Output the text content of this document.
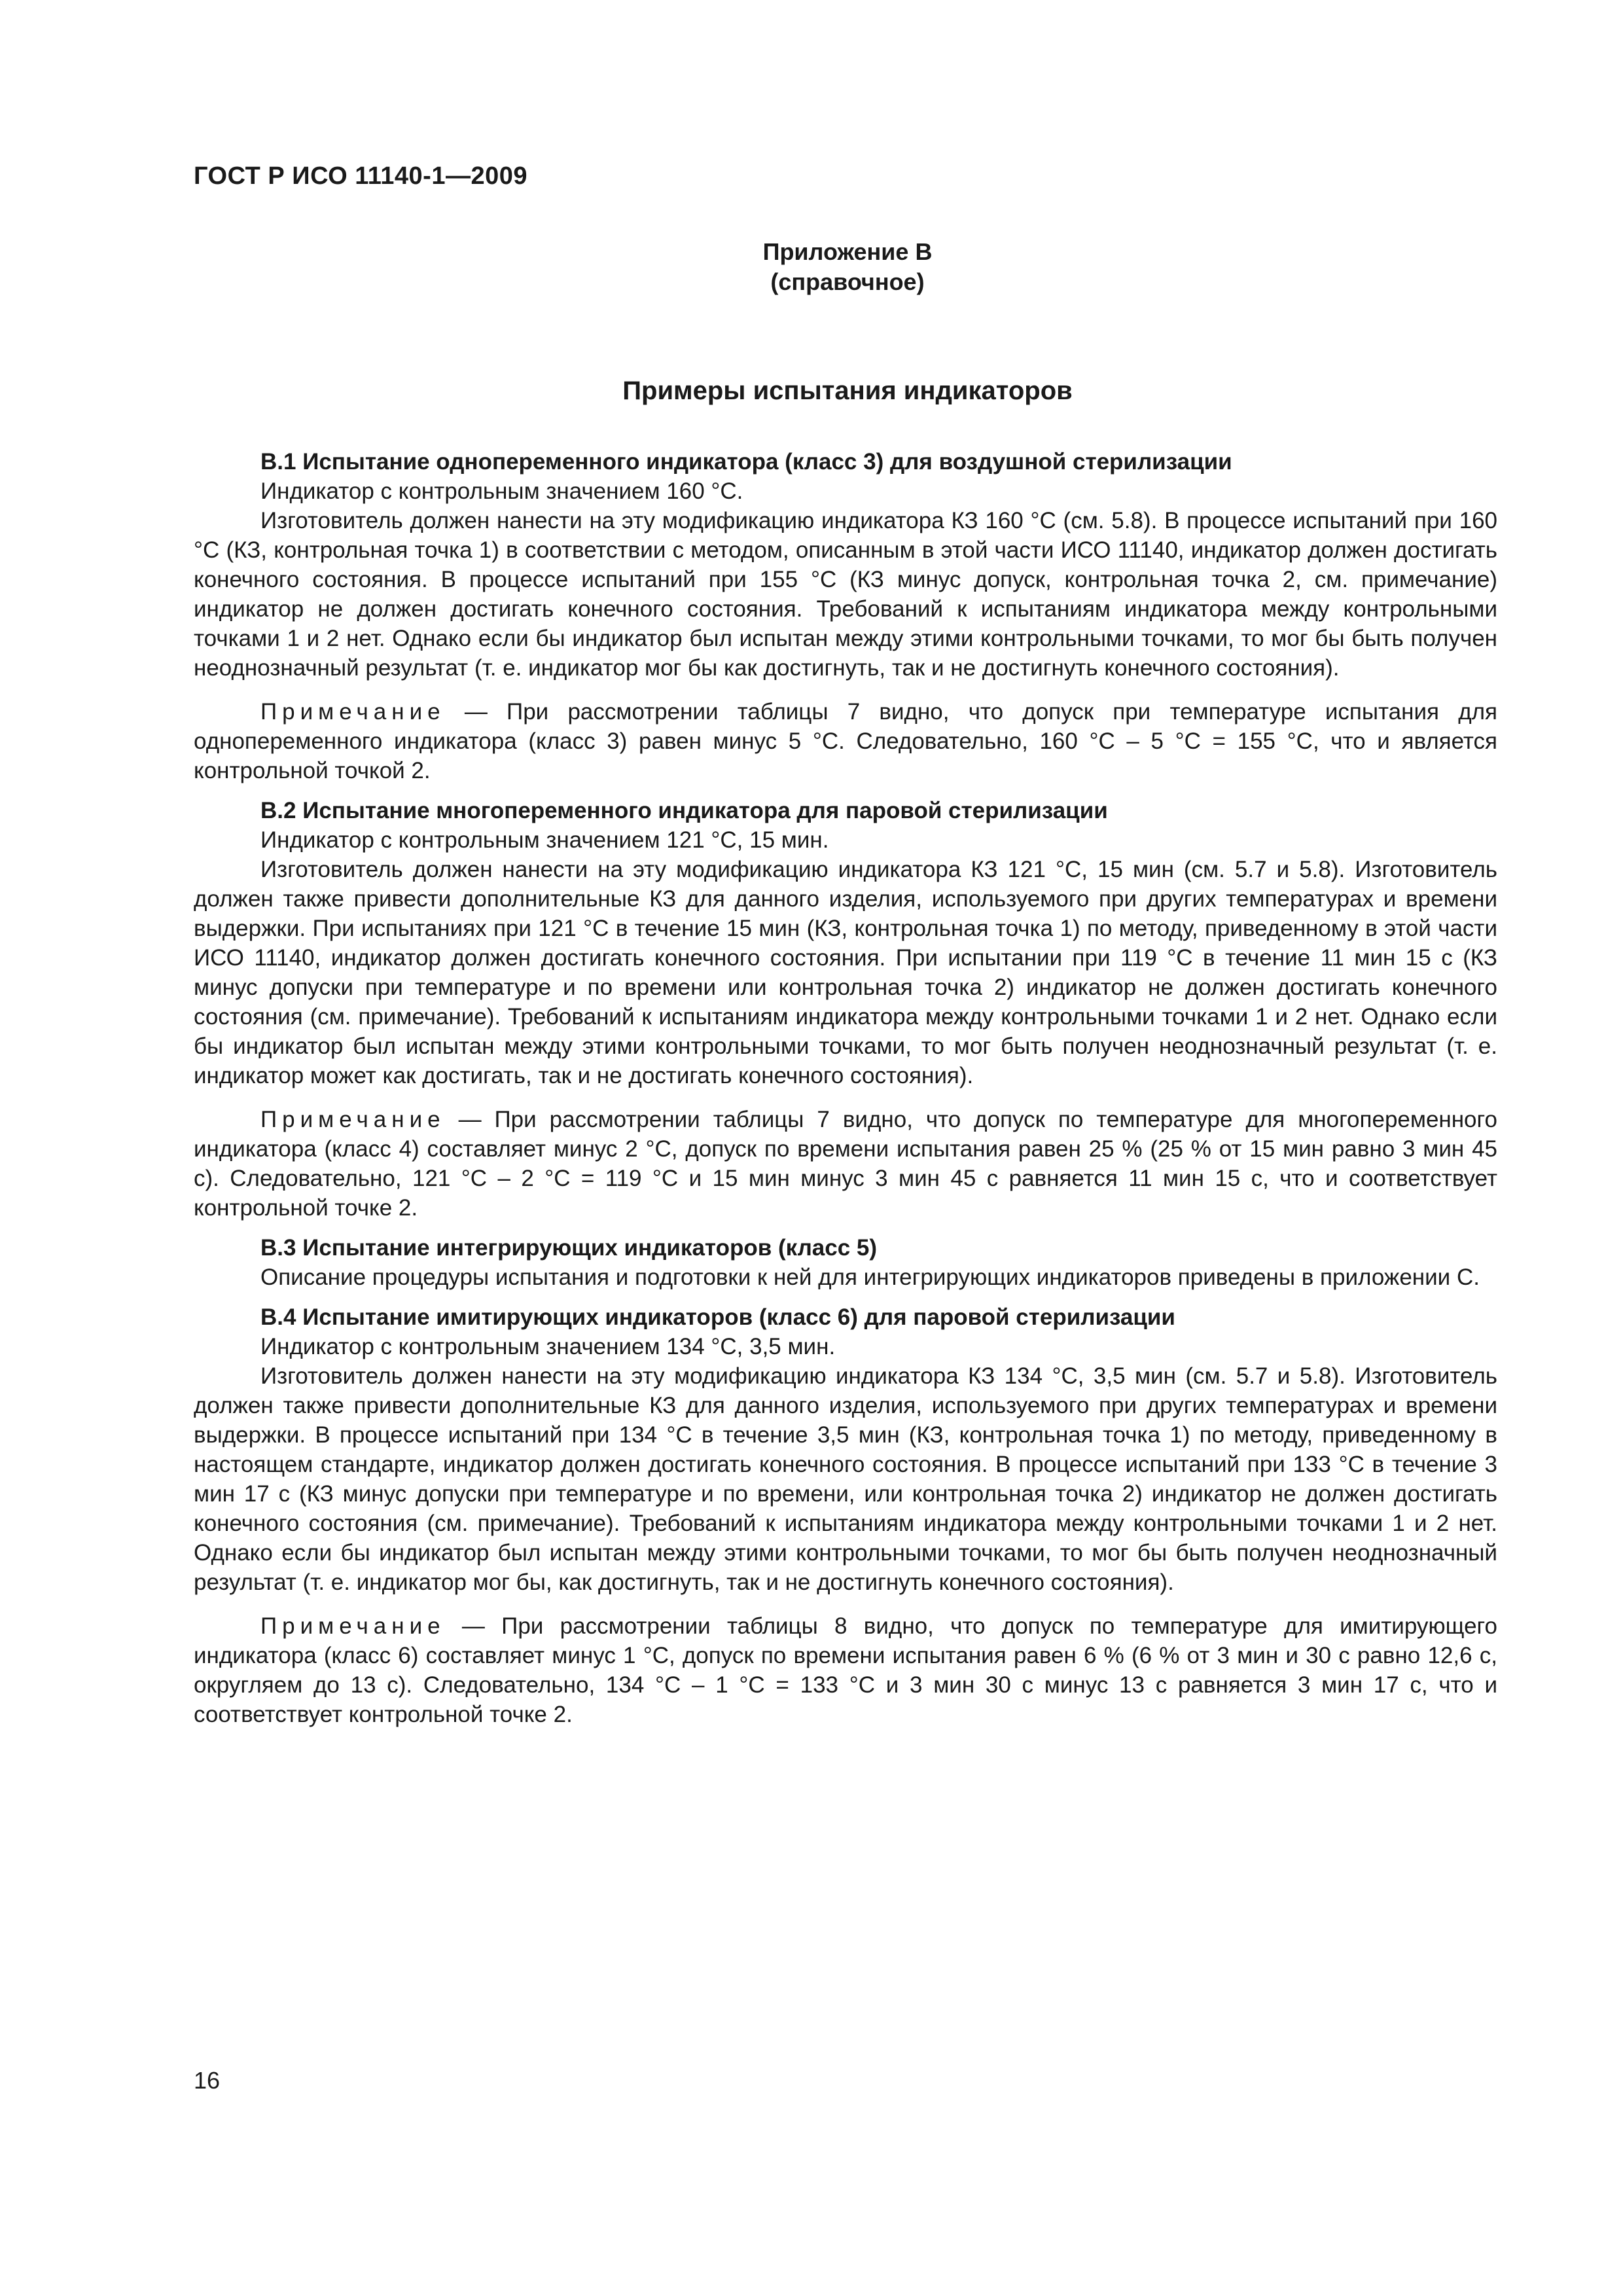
ГОСТ Р ИСО 11140-1—2009
Приложение В
(справочное)
Примеры испытания индикаторов
В.1 Испытание однопеременного индикатора (класс 3) для воздушной стерилизации

Индикатор с контрольным значением 160 °С.

Изготовитель должен нанести на эту модификацию индикатора КЗ 160 °С (см. 5.8). В процессе испытаний при 160 °С (КЗ, контрольная точка 1) в соответствии с методом, описанным в этой части ИСО 11140, индикатор должен достигать конечного состояния. В процессе испытаний при 155 °С (КЗ минус допуск, контрольная точка 2, см. примечание) индикатор не должен достигать конечного состояния. Требований к испытаниям индикатора между контрольными точками 1 и 2 нет. Однако если бы индикатор был испытан между этими контрольными точками, то мог бы быть получен неоднозначный результат (т. е. индикатор мог бы как достигнуть, так и не достигнуть конечного состояния).

Примечание — При рассмотрении таблицы 7 видно, что допуск при температуре испытания для однопеременного индикатора (класс 3) равен минус 5 °С. Следовательно, 160 °С – 5 °С = 155 °С, что и является контрольной точкой 2.

В.2 Испытание многопеременного индикатора для паровой стерилизации

Индикатор с контрольным значением 121 °С, 15 мин.

Изготовитель должен нанести на эту модификацию индикатора КЗ 121 °С, 15 мин (см. 5.7 и 5.8). Изготовитель должен также привести дополнительные КЗ для данного изделия, используемого при других температурах и времени выдержки. При испытаниях при 121 °С в течение 15 мин (КЗ, контрольная точка 1) по методу, приведенному в этой части ИСО 11140, индикатор должен достигать конечного состояния. При испытании при 119 °С в течение 11 мин 15 с (КЗ минус допуски при температуре и по времени или контрольная точка 2) индикатор не должен достигать конечного состояния (см. примечание). Требований к испытаниям индикатора между контрольными точками 1 и 2 нет. Однако если бы индикатор был испытан между этими контрольными точками, то мог быть получен неоднозначный результат (т. е. индикатор может как достигать, так и не достигать конечного состояния).

Примечание — При рассмотрении таблицы 7 видно, что допуск по температуре для многопеременного индикатора (класс 4) составляет минус 2 °С, допуск по времени испытания равен 25 % (25 % от 15 мин равно 3 мин 45 с). Следовательно, 121 °С – 2 °С = 119 °С и 15 мин минус 3 мин 45 с равняется 11 мин 15 с, что и соответствует контрольной точке 2.

В.3 Испытание интегрирующих индикаторов (класс 5)

Описание процедуры испытания и подготовки к ней для интегрирующих индикаторов приведены в приложении С.

В.4 Испытание имитирующих индикаторов (класс 6) для паровой стерилизации

Индикатор с контрольным значением 134 °С, 3,5 мин.

Изготовитель должен нанести на эту модификацию индикатора КЗ 134 °С, 3,5 мин (см. 5.7 и 5.8). Изготовитель должен также привести дополнительные КЗ для данного изделия, используемого при других температурах и времени выдержки. В процессе испытаний при 134 °С в течение 3,5 мин (КЗ, контрольная точка 1) по методу, приведенному в настоящем стандарте, индикатор должен достигать конечного состояния. В процессе испытаний при 133 °С в течение 3 мин 17 с (КЗ минус допуски при температуре и по времени, или контрольная точка 2) индикатор не должен достигать конечного состояния (см. примечание). Требований к испытаниям индикатора между контрольными точками 1 и 2 нет. Однако если бы индикатор был испытан между этими контрольными точками, то мог бы быть получен неоднозначный результат (т. е. индикатор мог бы, как достигнуть, так и не достигнуть конечного состояния).

Примечание — При рассмотрении таблицы 8 видно, что допуск по температуре для имитирующего индикатора (класс 6) составляет минус 1 °С, допуск по времени испытания равен 6 % (6 % от 3 мин и 30 с равно 12,6 с, округляем до 13 с). Следовательно, 134 °С – 1 °С = 133 °С и 3 мин 30 с минус 13 с равняется 3 мин 17 с, что и соответствует контрольной точке 2.

16
